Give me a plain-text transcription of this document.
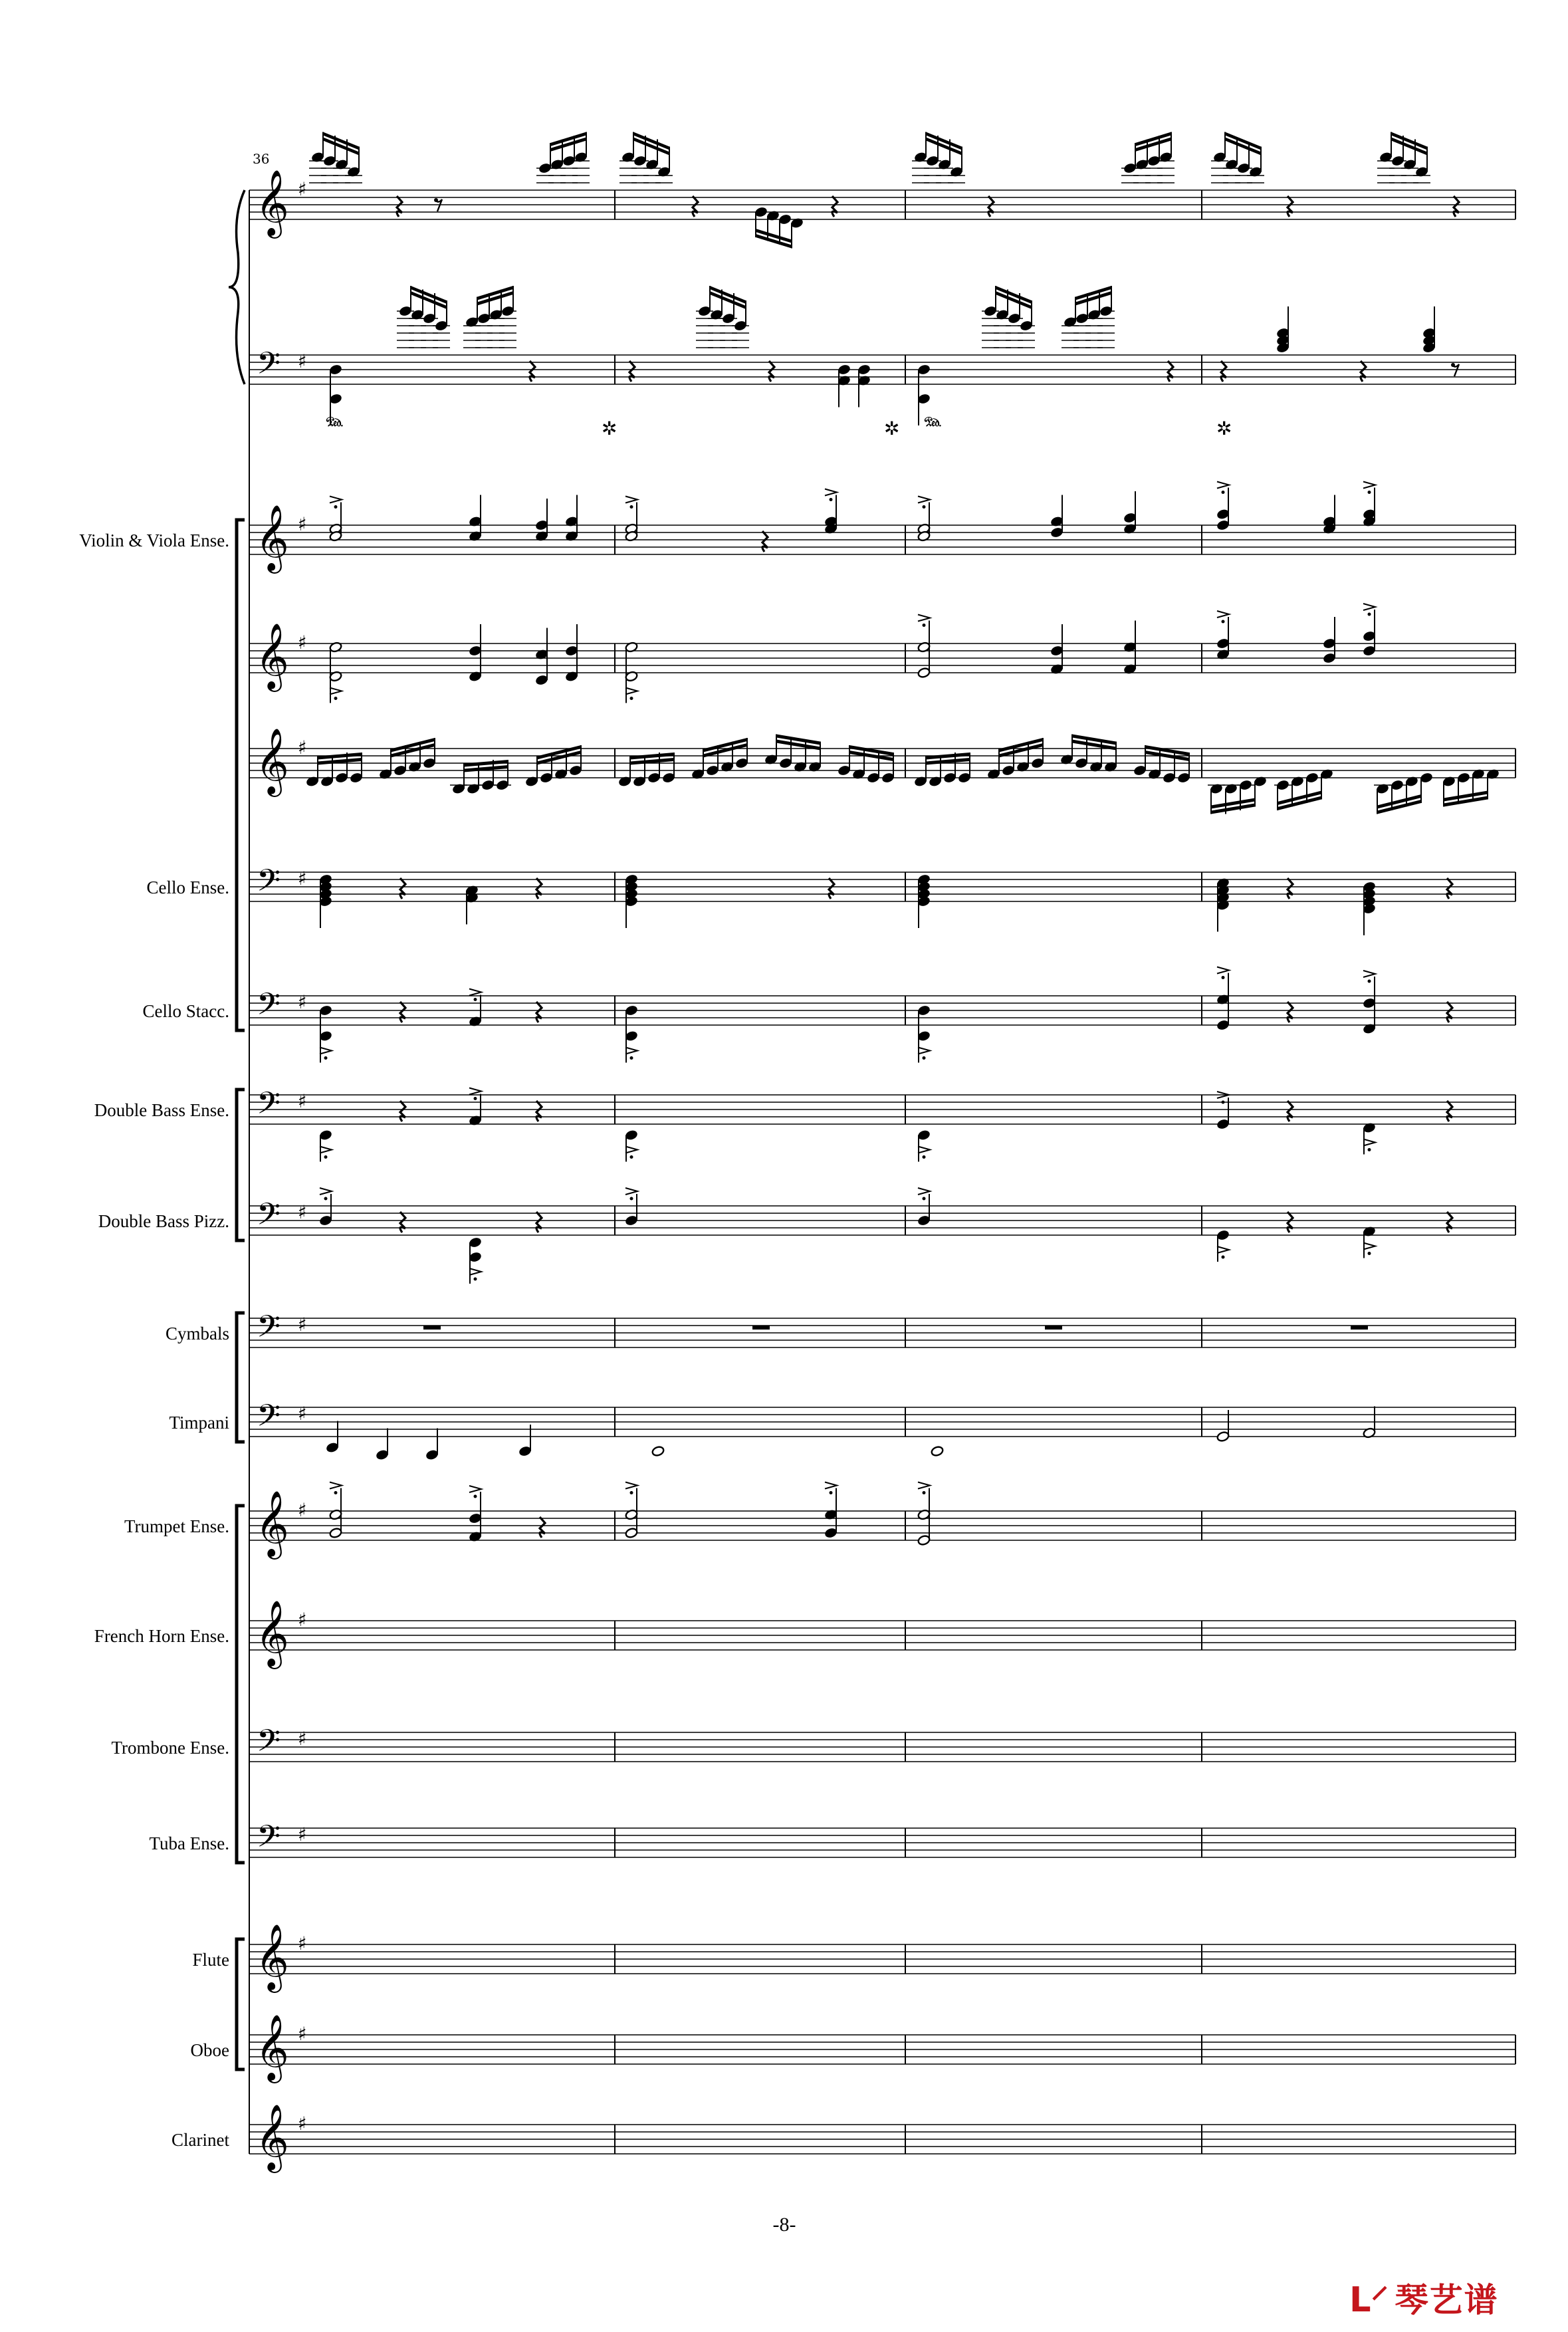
𝄞 ♯
𝄢 ♯
𝄞 ♯
Violin & Viola Ense.
𝄞 ♯
𝄞 ♯
𝄢 ♯
Cello Ense.
𝄢 ♯
Cello Stacc.
𝄢 ♯
Double Bass Ense.
𝄢 ♯
Double Bass Pizz.
𝄢 ♯
Cymbals
𝄢 ♯
Timpani
𝄞 ♯
Trumpet Ense.
𝄞 ♯
French Horn Ense.
𝄢 ♯
Trombone Ense.
𝄢 ♯
Tuba Ense.
𝄞 ♯
Flute
𝄞 ♯
Oboe
𝄞 ♯
Clarinet
36
𝆮	✲	✲ 𝆮	✲
-8-
ᒪ⸍ 琴艺谱
